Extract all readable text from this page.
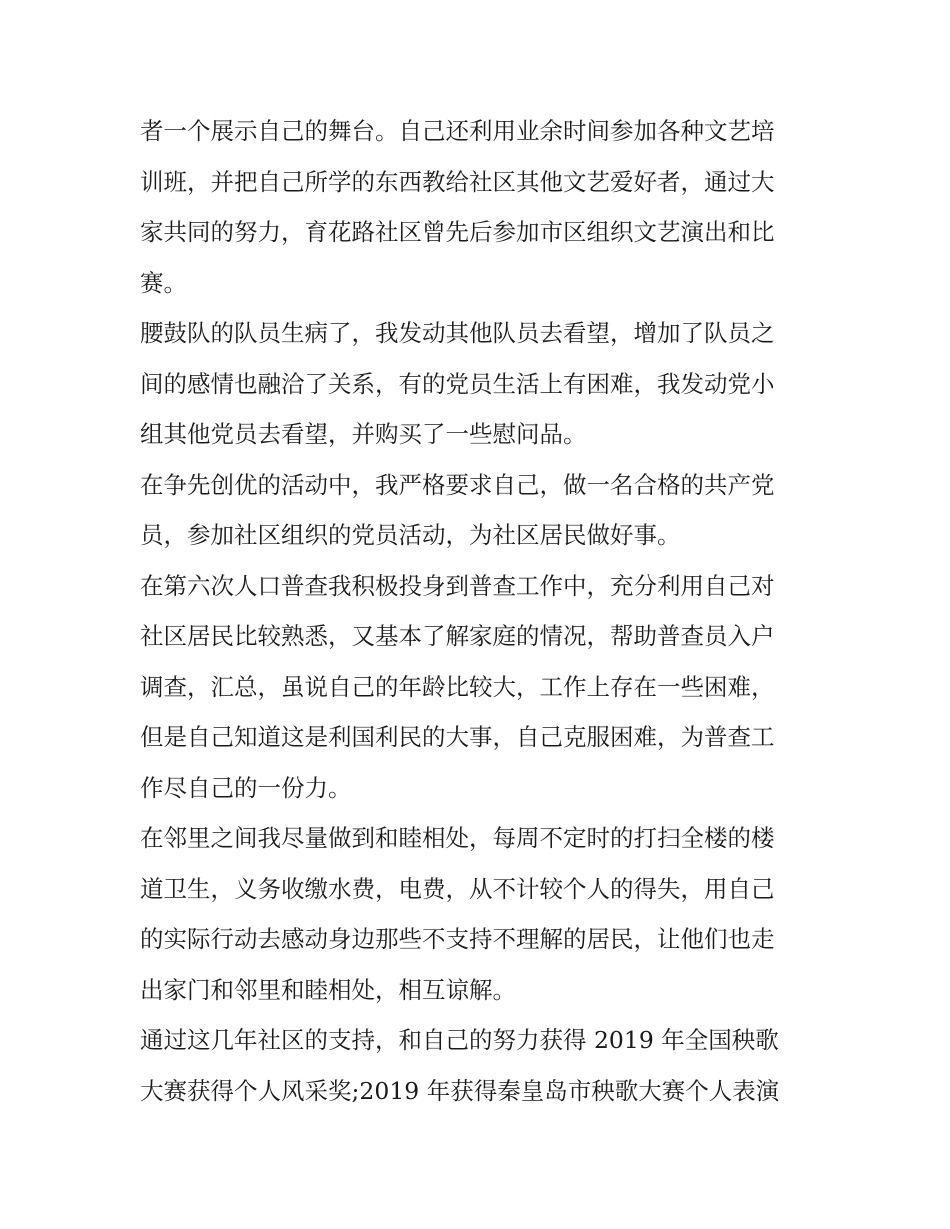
者一个展示自己的舞台。自己还利用业余时间参加各种文艺培
训班，并把自己所学的东西教给社区其他文艺爱好者，通过大
家共同的努力，育花路社区曾先后参加市区组织文艺演出和比
赛。
腰鼓队的队员生病了，我发动其他队员去看望，增加了队员之
间的感情也融洽了关系，有的党员生活上有困难，我发动党小
组其他党员去看望，并购买了一些慰问品。
在争先创优的活动中，我严格要求自己，做一名合格的共产党
员，参加社区组织的党员活动，为社区居民做好事。
在第六次人口普查我积极投身到普查工作中，充分利用自己对
社区居民比较熟悉，又基本了解家庭的情况，帮助普查员入户
调查，汇总，虽说自己的年龄比较大，工作上存在一些困难，
但是自己知道这是利国利民的大事，自己克服困难，为普查工
作尽自己的一份力。
在邻里之间我尽量做到和睦相处，每周不定时的打扫全楼的楼
道卫生，义务收缴水费，电费，从不计较个人的得失，用自己
的实际行动去感动身边那些不支持不理解的居民，让他们也走
出家门和邻里和睦相处，相互谅解。
通过这几年社区的支持，和自己的努力获得 2019 年全国秧歌
大赛获得个人风采奖;2019 年获得秦皇岛市秧歌大赛个人表演
